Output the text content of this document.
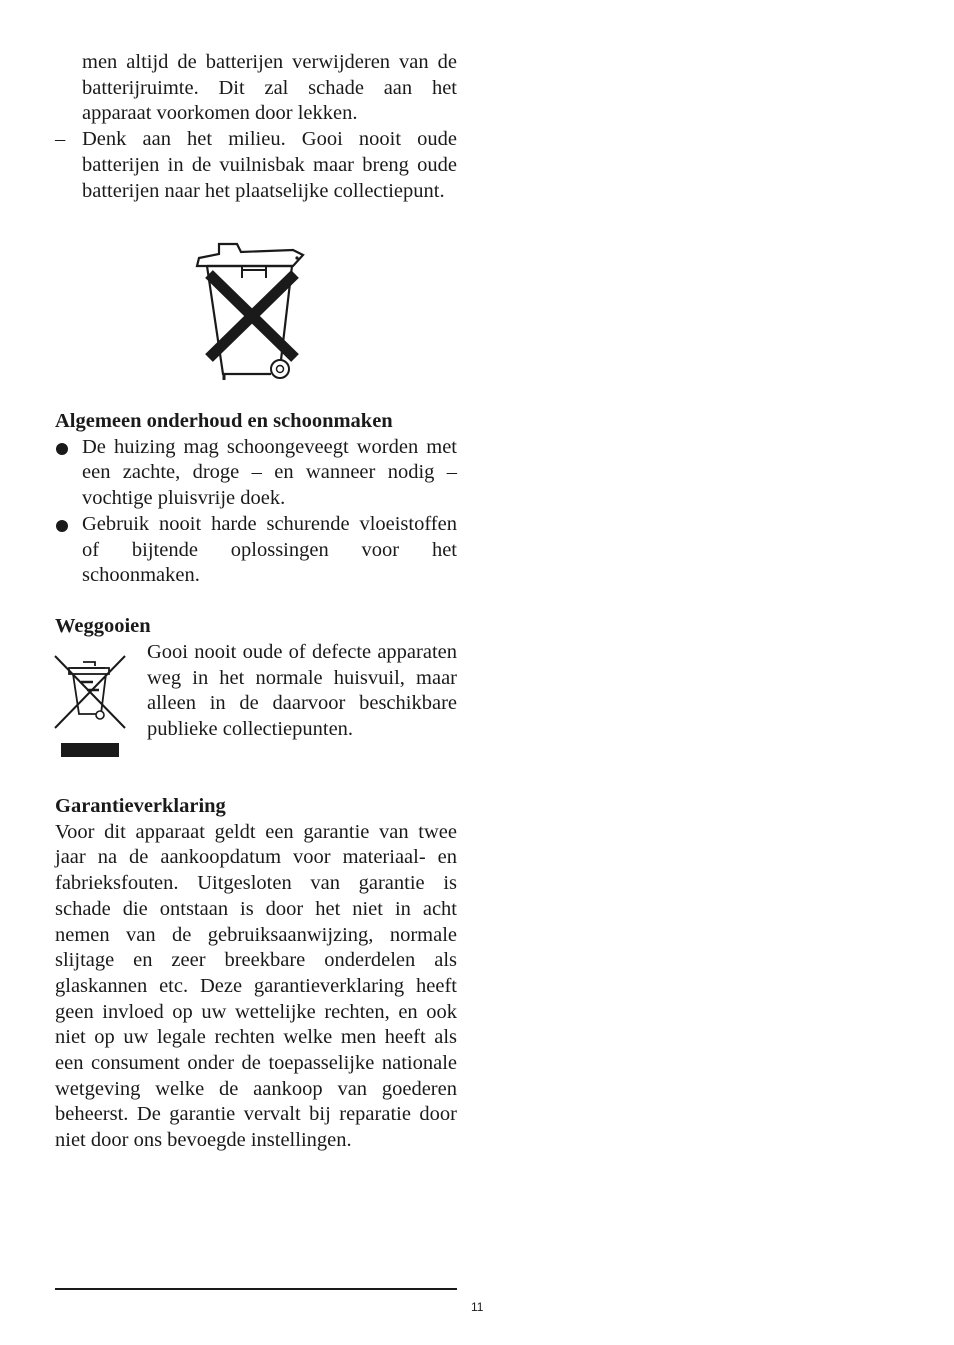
men altijd de batterijen verwijderen van de batterijruimte. Dit zal schade aan het apparaat voorkomen door lekken.
– Denk aan het milieu. Gooi nooit oude batterijen in de vuilnisbak maar breng oude batterijen naar het plaatselijke collectiepunt.
Algemeen onderhoud en schoonmaken
De huizing mag schoongeveegt worden met een zachte, droge – en wanneer nodig – vochtige pluisvrije doek.
Gebruik nooit harde schurende vloeistoffen of bijtende oplossingen voor het schoonmaken.
Weggooien
Gooi nooit oude of defecte apparaten weg in het normale huisvuil, maar alleen in de daarvoor beschikbare publieke collectiepunten.
Garantieverklaring
Voor dit apparaat geldt een garantie van twee jaar na de aankoopdatum voor materiaal- en fabrieksfouten. Uitgesloten van garantie is schade die ontstaan is door het niet in acht nemen van de gebruiksaanwijzing, normale slijtage en zeer breekbare onderdelen als glaskannen etc. Deze garantieverklaring heeft geen invloed op uw wettelijke rechten, en ook niet op uw legale rechten welke men heeft als een consument onder de toepasselijke nationale wetgeving welke de aankoop van goederen beheerst. De garantie vervalt bij reparatie door niet door ons bevoegde instellingen.
11
